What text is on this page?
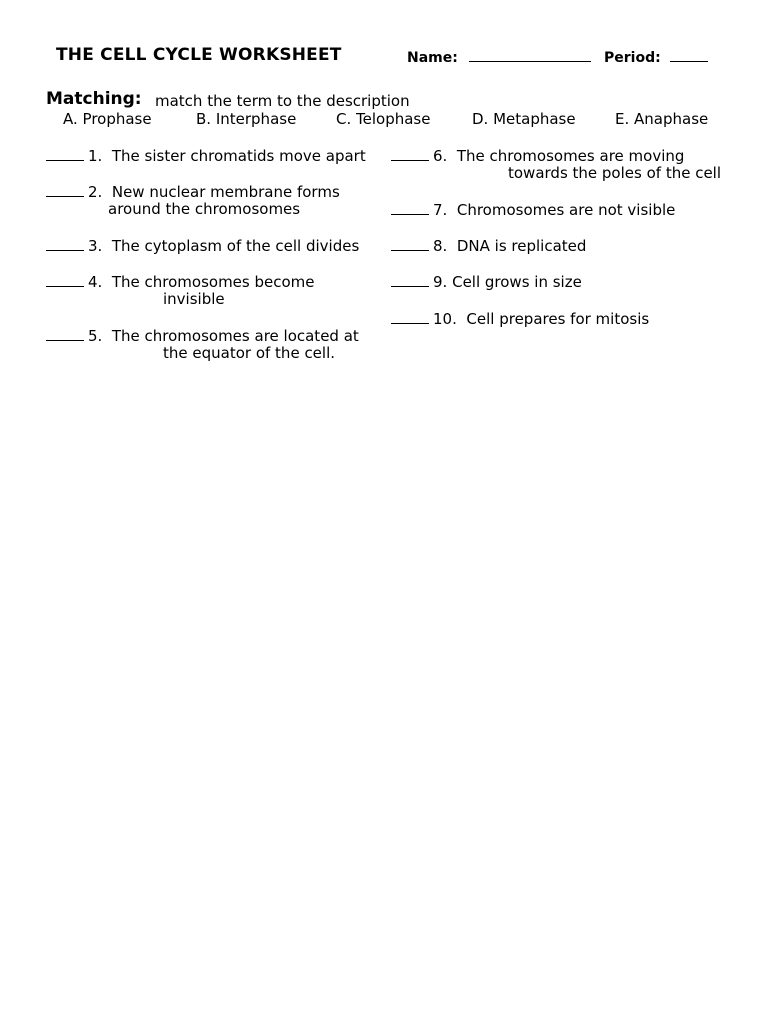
THE CELL CYCLE WORKSHEET	Name:	Period:
Matching: match the term to the description
A. Prophase	B. Interphase	C. Telophase	D. Metaphase	E. Anaphase
1. The sister chromatids move apart
2. New nuclear membrane forms
around the chromosomes
3. The cytoplasm of the cell divides
4. The chromosomes become
invisible
5. The chromosomes are located at
the equator of the cell.
6. The chromosomes are moving
towards the poles of the cell
7. Chromosomes are not visible
8. DNA is replicated
9. Cell grows in size
10. Cell prepares for mitosis
